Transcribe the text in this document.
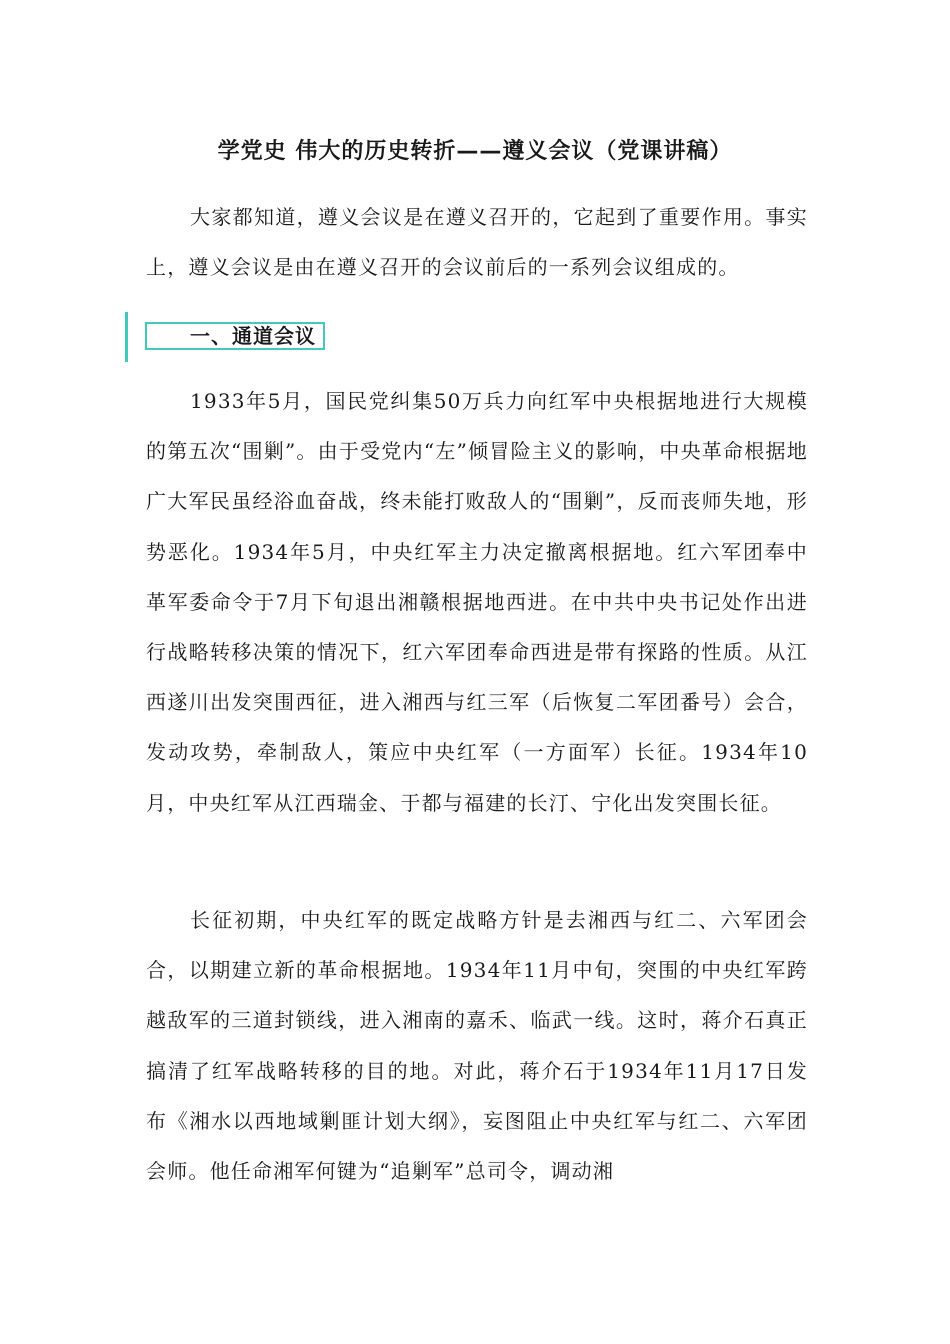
学党史 伟大的历史转折——遵义会议（党课讲稿）

大家都知道，遵义会议是在遵义召开的，它起到了重要作用。事实上，遵义会议是由在遵义召开的会议前后的一系列会议组成的。

一、通道会议

1933年5月，国民党纠集50万兵力向红军中央根据地进行大规模的第五次“围剿”。由于受党内“左”倾冒险主义的影响，中央革命根据地广大军民虽经浴血奋战，终未能打败敌人的“围剿”，反而丧师失地，形势恶化。1934年5月，中央红军主力决定撤离根据地。红六军团奉中革军委命令于7月下旬退出湘赣根据地西进。在中共中央书记处作出进行战略转移决策的情况下，红六军团奉命西进是带有探路的性质。从江西遂川出发突围西征，进入湘西与红三军（后恢复二军团番号）会合，发动攻势，牵制敌人，策应中央红军（一方面军）长征。1934年10月，中央红军从江西瑞金、于都与福建的长汀、宁化出发突围长征。

长征初期，中央红军的既定战略方针是去湘西与红二、六军团会合，以期建立新的革命根据地。1934年11月中旬，突围的中央红军跨越敌军的三道封锁线，进入湘南的嘉禾、临武一线。这时，蒋介石真正搞清了红军战略转移的目的地。对此，蒋介石于1934年11月17日发布《湘水以西地域剿匪计划大纲》，妄图阻止中央红军与红二、六军团会师。他任命湘军何键为“追剿军”总司令，调动湘
